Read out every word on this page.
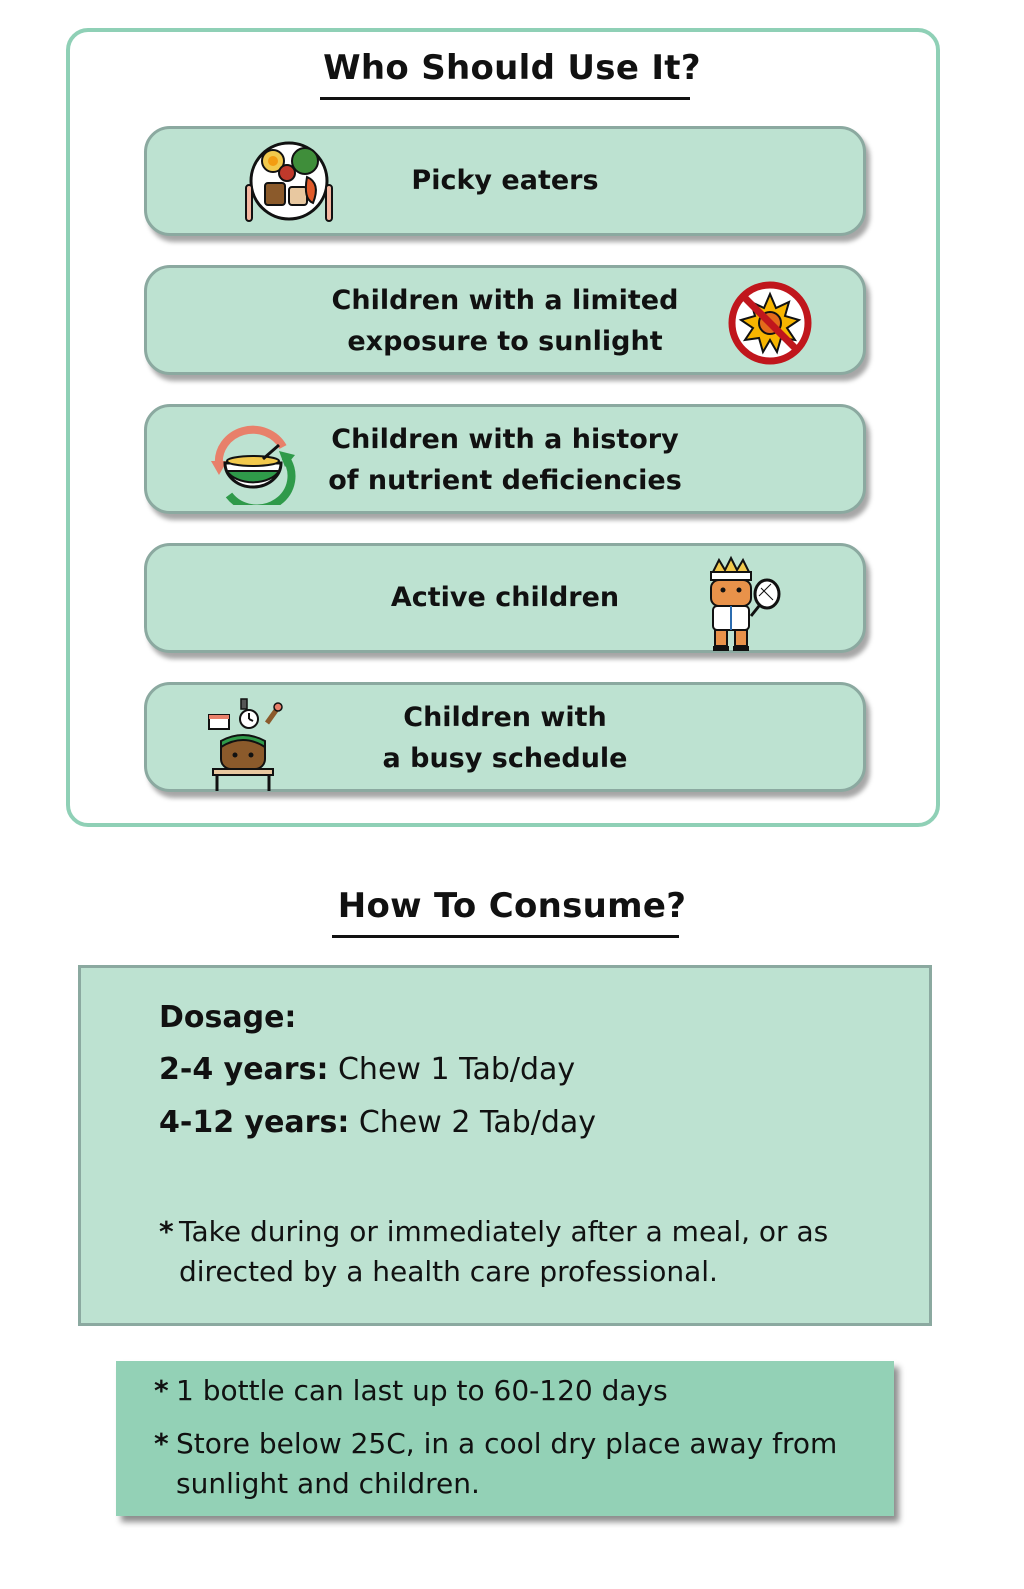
Who Should Use It?
Picky eaters
Children with a limited
exposure to sunlight
Children with a history
of nutrient deficiencies
Active children
Children with
a busy schedule
How To Consume?
Dosage:
2-4 years: Chew 1 Tab/day
4-12 years: Chew 2 Tab/day
* Take during or immediately after a meal, or as
directed by a health care professional.
* 1 bottle can last up to 60-120 days
* Store below 25C, in a cool dry place away from
sunlight and children.
